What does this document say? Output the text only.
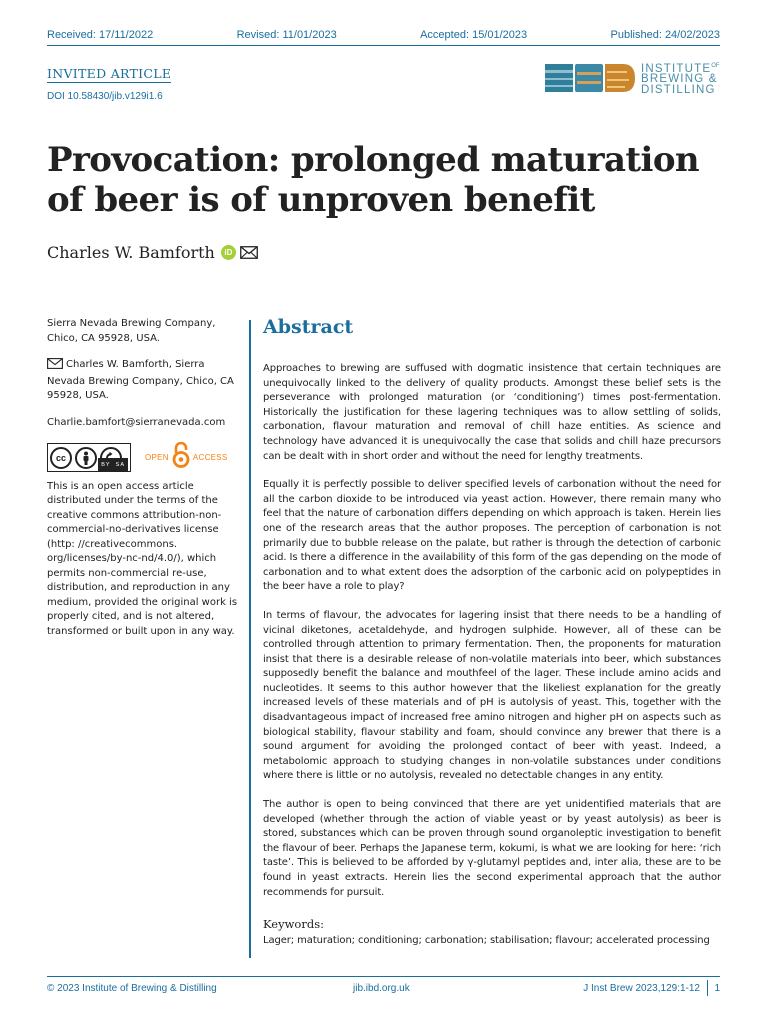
Received: 17/11/2022	Revised: 11/01/2023	Accepted: 15/01/2023	Published: 24/02/2023
INVITED ARTICLE
DOI 10.58430/jib.v129i1.6
$INSTITUTE^{OF}$
BREWING &
DISTILLING
Provocation: prolonged maturation of beer is of unproven benefit
Charles W. Bamforth	iD

Sierra Nevada Brewing Company, Chico, CA 95928, USA.

Charles W. Bamforth, Sierra Nevada Brewing Company, Chico, CA 95928, USA.

Charlie.bamfort@sierranevada.com

cc
BY SA
OPEN	ACCESS

This is an open access article distributed under the terms of the creative commons attribution-non-commercial-no-derivatives license (http: //creativecommons. org/licenses/by-nc-nd/4.0/), which permits non-commercial re-use, distribution, and reproduction in any medium, provided the original work is properly cited, and is not altered, transformed or built upon in any way.

Abstract

Approaches to brewing are suffused with dogmatic insistence that certain techniques are unequivocally linked to the delivery of quality products. Amongst these belief sets is the perseverance with prolonged maturation (or ‘conditioning’) times post-fermentation. Historically the justification for these lagering techniques was to allow settling of solids, carbonation, flavour maturation and removal of chill haze entities. As science and technology have advanced it is unequivocally the case that solids and chill haze precursors can be dealt with in short order and without the need for lengthy treatments.

Equally it is perfectly possible to deliver specified levels of carbonation without the need for all the carbon dioxide to be introduced via yeast action. However, there remain many who feel that the nature of carbonation differs depending on which approach is taken. Herein lies one of the research areas that the author proposes. The perception of carbonation is not primarily due to bubble release on the palate, but rather is through the detection of carbonic acid. Is there a difference in the availability of this form of the gas depending on the mode of carbonation and to what extent does the adsorption of the carbonic acid on polypeptides in the beer have a role to play?

In terms of flavour, the advocates for lagering insist that there needs to be a handling of vicinal diketones, acetaldehyde, and hydrogen sulphide. However, all of these can be controlled through attention to primary fermentation. Then, the proponents for maturation insist that there is a desirable release of non-volatile materials into beer, which substances supposedly benefit the balance and mouthfeel of the lager. These include amino acids and nucleotides. It seems to this author however that the likeliest explanation for the greatly increased levels of these materials and of pH is autolysis of yeast. This, together with the disadvantageous impact of increased free amino nitrogen and higher pH on aspects such as biological stability, flavour stability and foam, should convince any brewer that there is a sound argument for avoiding the prolonged contact of beer with yeast. Indeed, a metabolomic approach to studying changes in non-volatile substances under conditions where there is little or no autolysis, revealed no detectable changes in any entity.

The author is open to being convinced that there are yet unidentified materials that are developed (whether through the action of viable yeast or by yeast autolysis) as beer is stored, substances which can be proven through sound organoleptic investigation to benefit the flavour of beer. Perhaps the Japanese term, kokumi, is what we are looking for here: ‘rich taste’. This is believed to be afforded by γ-glutamyl peptides and, inter alia, these are to be found in yeast extracts. Herein lies the second experimental approach that the author recommends for pursuit.

Keywords:
Lager; maturation; conditioning; carbonation; stabilisation; flavour; accelerated processing
© 2023 Institute of Brewing & Distilling	jib.ibd.org.uk	J Inst Brew 2023,129:1-12 1
